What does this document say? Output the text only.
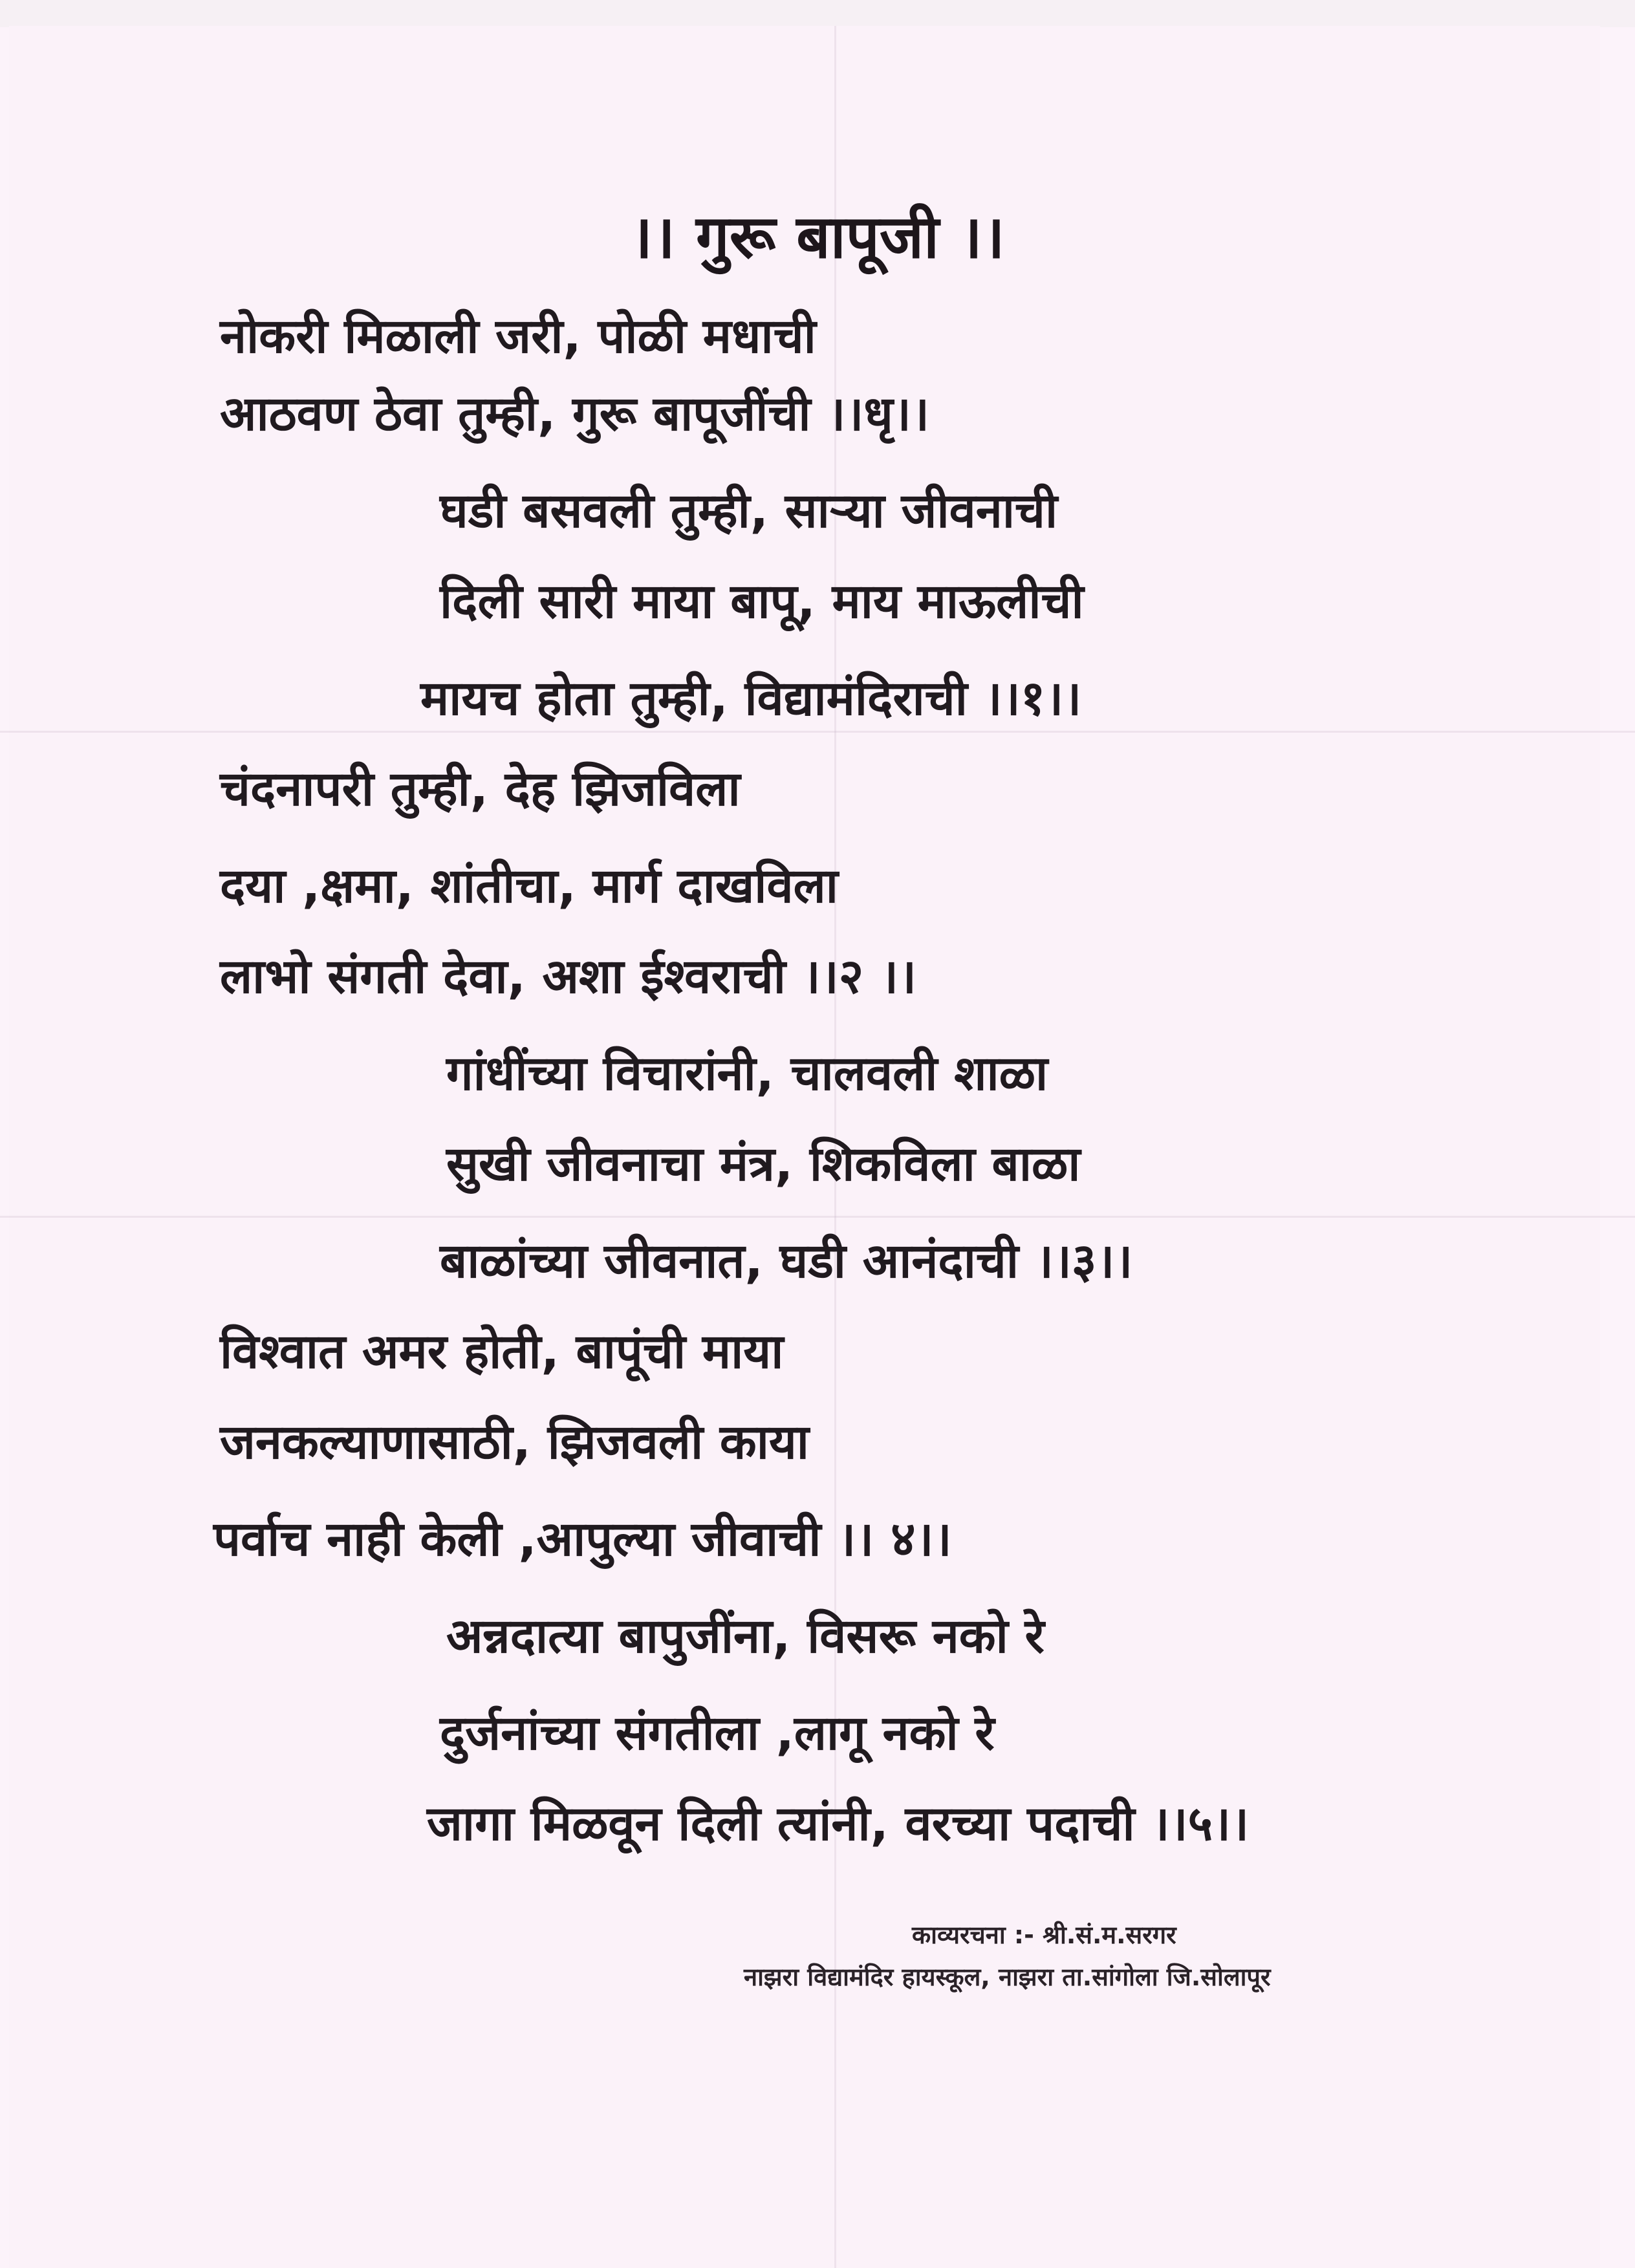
।। गुरू बापूजी ।।
नोकरी मिळाली जरी, पोळी मधाची
आठवण ठेवा तुम्ही, गुरू बापूजींची ।।धृ।।
घडी बसवली तुम्ही, साऱ्या जीवनाची
दिली सारी माया बापू, माय माऊलीची
मायच होता तुम्ही, विद्यामंदिराची ।।१।।
चंदनापरी तुम्ही, देह झिजविला
दया ,क्षमा, शांतीचा, मार्ग दाखविला
लाभो संगती देवा, अशा ईश्वराची ।।२ ।।
गांधींच्या विचारांनी, चालवली शाळा
सुखी जीवनाचा मंत्र, शिकविला बाळा
बाळांच्या जीवनात, घडी आनंदाची ।।३।।
विश्वात अमर होती, बापूंची माया
जनकल्याणासाठी, झिजवली काया
पर्वाच नाही केली ,आपुल्या जीवाची ।। ४।।
अन्नदात्या बापुजींना, विसरू नको रे
दुर्जनांच्या संगतीला ,लागू नको रे
जागा मिळवून दिली त्यांनी, वरच्या पदाची ।।५।।
काव्यरचना :- श्री.सं.म.सरगर
नाझरा विद्यामंदिर हायस्कूल, नाझरा ता.सांगोला जि.सोलापूर
